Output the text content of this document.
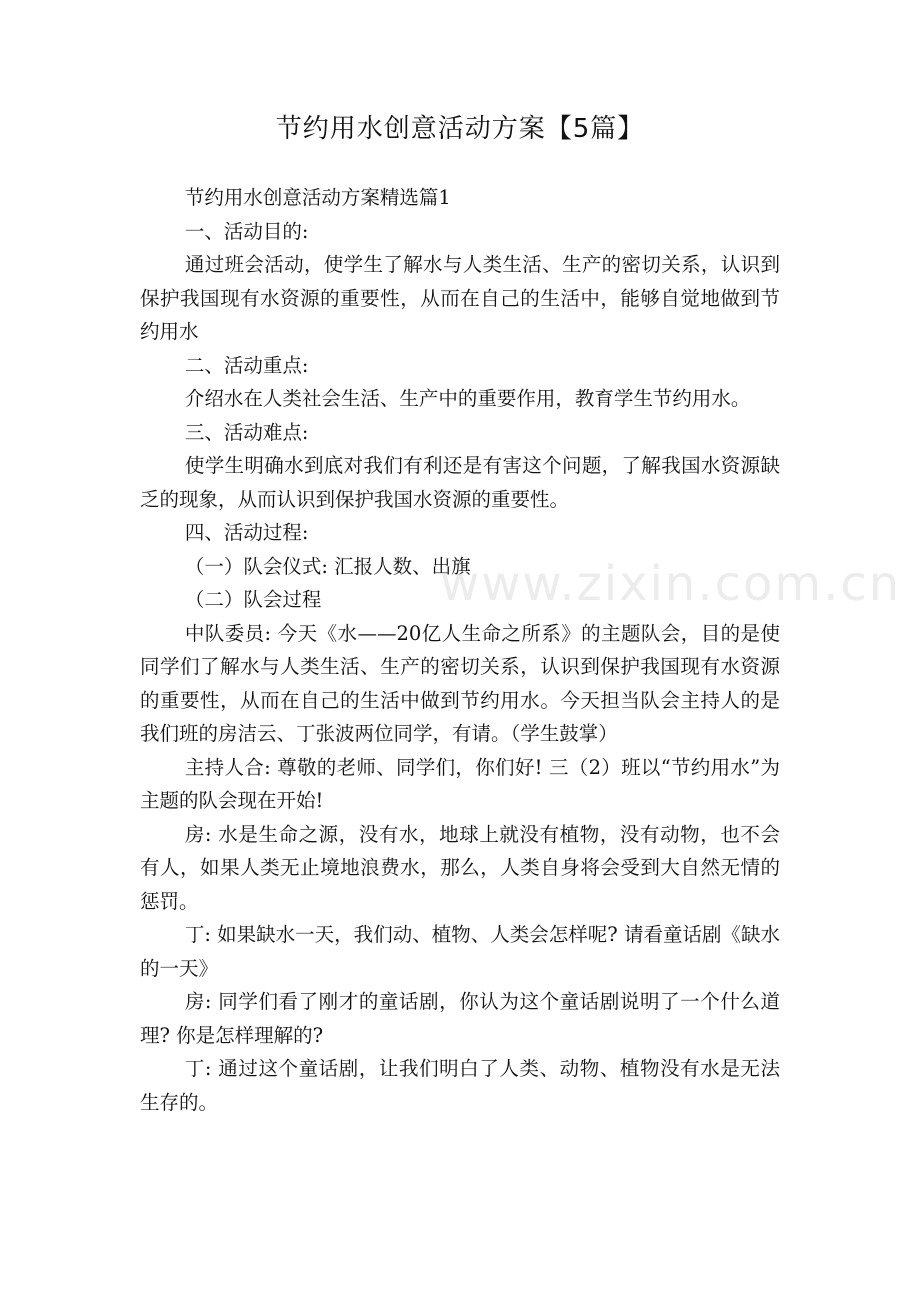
节约用水创意活动方案【5篇】

节约用水创意活动方案精选篇1

一、活动目的:

通过班会活动，使学生了解水与人类生活、生产的密切关系，认识到保护我国现有水资源的重要性，从而在自己的生活中，能够自觉地做到节约用水

二、活动重点:

介绍水在人类社会生活、生产中的重要作用，教育学生节约用水。

三、活动难点:

使学生明确水到底对我们有利还是有害这个问题，了解我国水资源缺乏的现象，从而认识到保护我国水资源的重要性。

四、活动过程:

（一）队会仪式: 汇报人数、出旗

（二）队会过程

中队委员: 今天《水——20亿人生命之所系》的主题队会，目的是使同学们了解水与人类生活、生产的密切关系，认识到保护我国现有水资源的重要性，从而在自己的生活中做到节约用水。今天担当队会主持人的是我们班的房洁云、丁张波两位同学，有请。（学生鼓掌）

主持人合: 尊敬的老师、同学们，你们好! 三（2）班以“节约用水”为主题的队会现在开始!

房: 水是生命之源，没有水，地球上就没有植物，没有动物，也不会有人，如果人类无止境地浪费水，那么，人类自身将会受到大自然无情的惩罚。

丁: 如果缺水一天，我们动、植物、人类会怎样呢? 请看童话剧《缺水的一天》

房: 同学们看了刚才的童话剧，你认为这个童话剧说明了一个什么道理? 你是怎样理解的?

丁: 通过这个童话剧，让我们明白了人类、动物、植物没有水是无法生存的。

www.zixin.com.cn
